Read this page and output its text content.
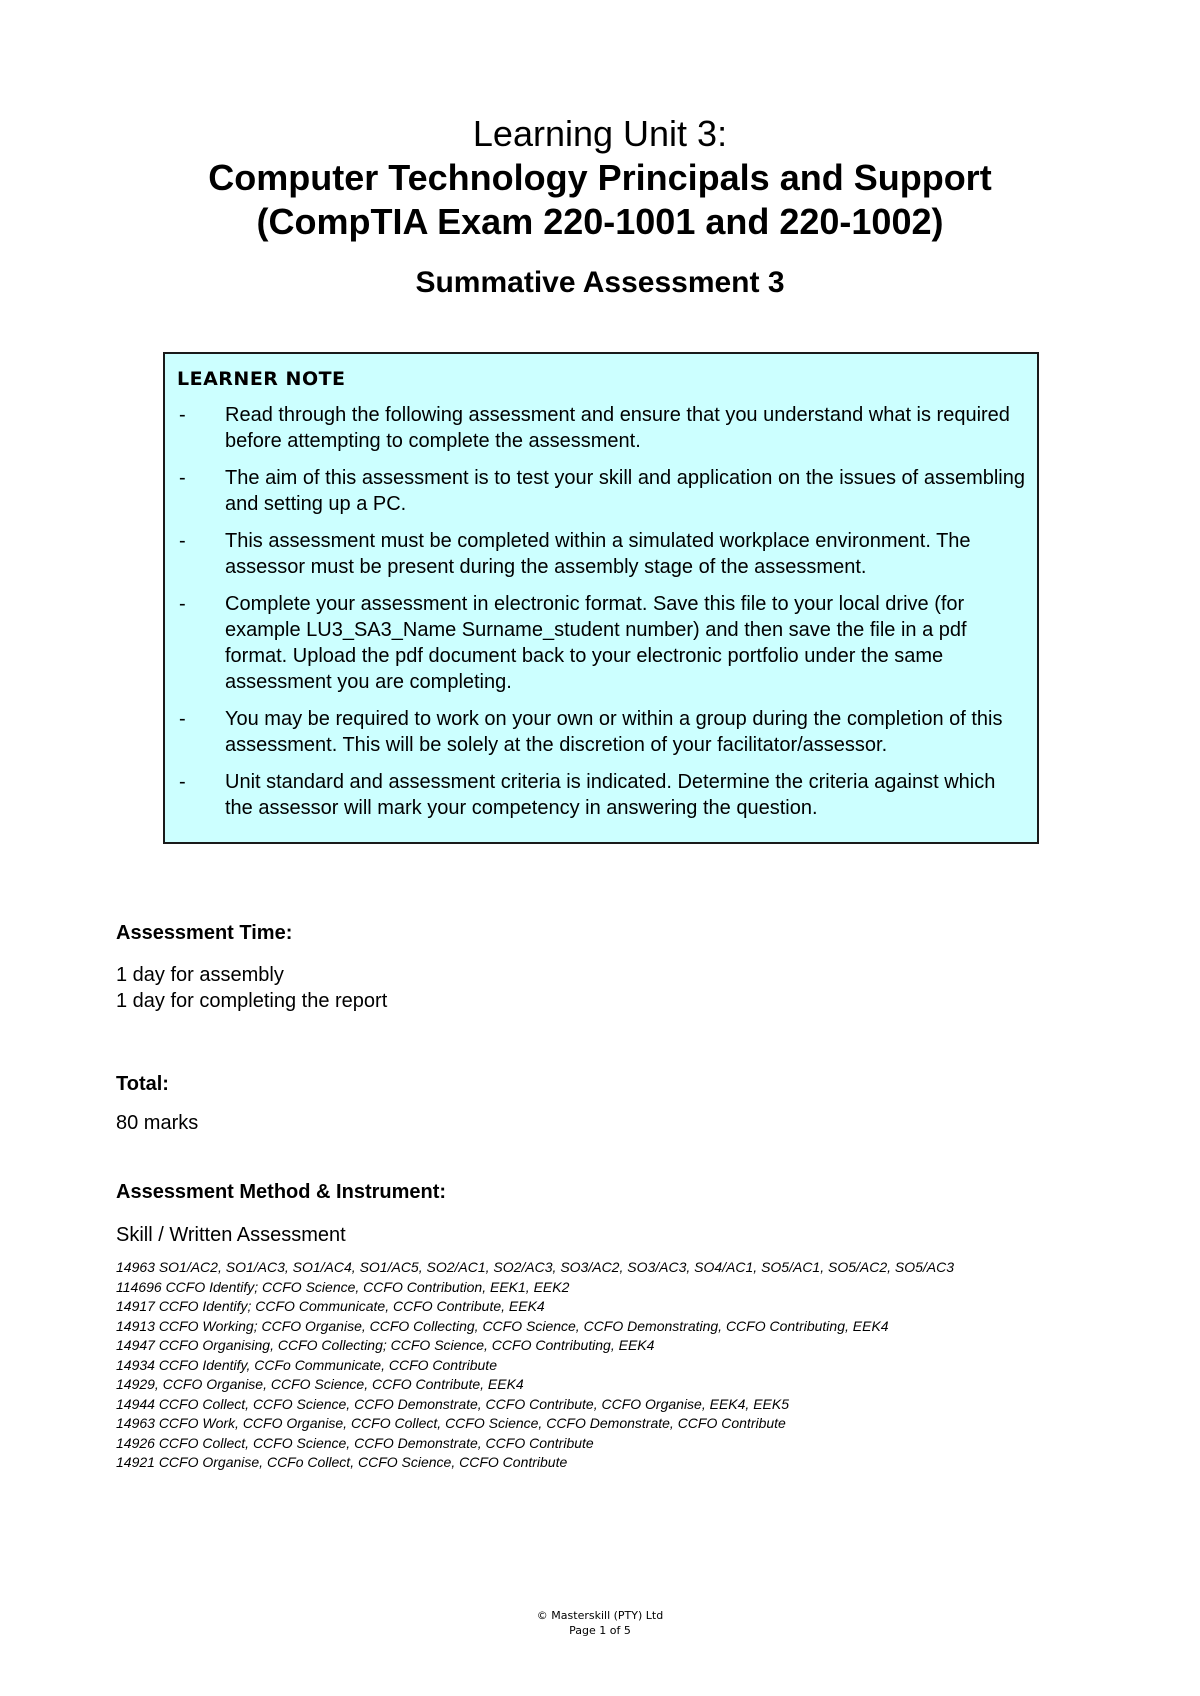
Learning Unit 3:
Computer Technology Principals and Support
(CompTIA Exam 220-1001 and 220-1002)
Summative Assessment 3
LEARNER NOTE
- Read through the following assessment and ensure that you understand what is required before attempting to complete the assessment.
- The aim of this assessment is to test your skill and application on the issues of assembling and setting up a PC.
- This assessment must be completed within a simulated workplace environment. The assessor must be present during the assembly stage of the assessment.
- Complete your assessment in electronic format. Save this file to your local drive (for example LU3_SA3_Name Surname_student number) and then save the file in a pdf format. Upload the pdf document back to your electronic portfolio under the same assessment you are completing.
- You may be required to work on your own or within a group during the completion of this assessment. This will be solely at the discretion of your facilitator/assessor.
- Unit standard and assessment criteria is indicated. Determine the criteria against which the assessor will mark your competency in answering the question.
Assessment Time:
1 day for assembly
1 day for completing the report
Total:
80 marks
Assessment Method & Instrument:
Skill / Written Assessment
14963 SO1/AC2, SO1/AC3, SO1/AC4, SO1/AC5, SO2/AC1, SO2/AC3, SO3/AC2, SO3/AC3, SO4/AC1, SO5/AC1, SO5/AC2, SO5/AC3
114696 CCFO Identify; CCFO Science, CCFO Contribution, EEK1, EEK2
14917 CCFO Identify; CCFO Communicate, CCFO Contribute, EEK4
14913 CCFO Working; CCFO Organise, CCFO Collecting, CCFO Science, CCFO Demonstrating, CCFO Contributing, EEK4
14947 CCFO Organising, CCFO Collecting; CCFO Science, CCFO Contributing, EEK4
14934 CCFO Identify, CCFo Communicate, CCFO Contribute
14929, CCFO Organise, CCFO Science, CCFO Contribute, EEK4
14944 CCFO Collect, CCFO Science, CCFO Demonstrate, CCFO Contribute, CCFO Organise, EEK4, EEK5
14963 CCFO Work, CCFO Organise, CCFO Collect, CCFO Science, CCFO Demonstrate, CCFO Contribute
14926 CCFO Collect, CCFO Science, CCFO Demonstrate, CCFO Contribute
14921 CCFO Organise, CCFo Collect, CCFO Science, CCFO Contribute
© Masterskill (PTY) Ltd
Page 1 of 5
